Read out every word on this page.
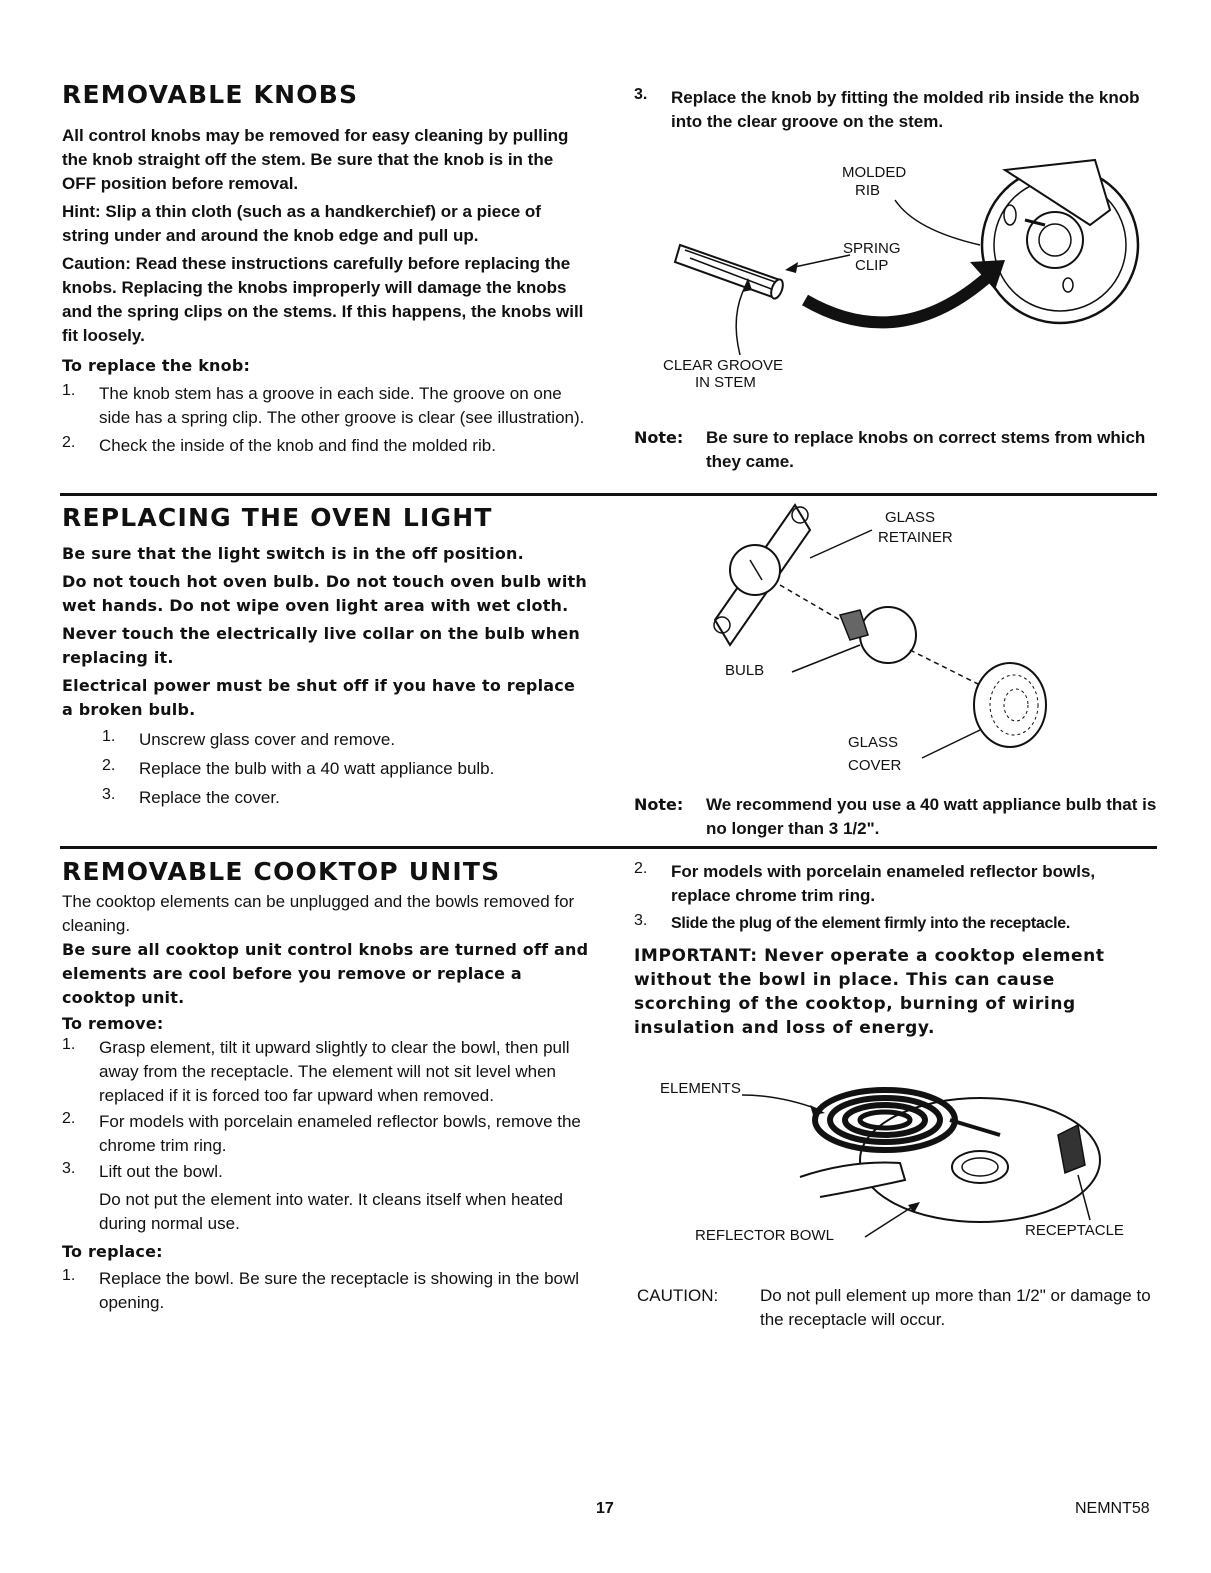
REMOVABLE KNOBS

All control knobs may be removed for easy cleaning by pulling the knob straight off the stem. Be sure that the knob is in the OFF position before removal.

Hint: Slip a thin cloth (such as a handkerchief) or a piece of string under and around the knob edge and pull up.

Caution: Read these instructions carefully before replacing the knobs. Replacing the knobs improperly will damage the knobs and the spring clips on the stems. If this happens, the knobs will fit loosely.

To replace the knob:

1. The knob stem has a groove in each side. The groove on one side has a spring clip. The other groove is clear (see illustration).

2. Check the inside of the knob and find the molded rib.

3. Replace the knob by fitting the molded rib inside the knob into the clear groove on the stem.

MOLDED
RIB
SPRING
CLIP
CLEAR GROOVE
IN STEM
Note: Be sure to replace knobs on correct stems from which they came.

REPLACING THE OVEN LIGHT

Be sure that the light switch is in the off position.

Do not touch hot oven bulb. Do not touch oven bulb with wet hands. Do not wipe oven light area with wet cloth.

Never touch the electrically live collar on the bulb when replacing it.

Electrical power must be shut off if you have to replace a broken bulb.

1. Unscrew glass cover and remove.

2. Replace the bulb with a 40 watt appliance bulb.

3. Replace the cover.

GLASS
RETAINER
BULB
GLASS
COVER
Note: We recommend you use a 40 watt appliance bulb that is no longer than 3 1/2".

REMOVABLE COOKTOP UNITS

The cooktop elements can be unplugged and the bowls removed for cleaning.

Be sure all cooktop unit control knobs are turned off and elements are cool before you remove or replace a cooktop unit.

To remove:

1. Grasp element, tilt it upward slightly to clear the bowl, then pull away from the receptacle. The element will not sit level when replaced if it is forced too far upward when removed.

2. For models with porcelain enameled reflector bowls, remove the chrome trim ring.

3. Lift out the bowl.

Do not put the element into water. It cleans itself when heated during normal use.

To replace:

1. Replace the bowl. Be sure the receptacle is showing in the bowl opening.

2. For models with porcelain enameled reflector bowls, replace chrome trim ring.

3. Slide the plug of the element firmly into the receptacle.

IMPORTANT: Never operate a cooktop element without the bowl in place. This can cause scorching of the cooktop, burning of wiring insulation and loss of energy.

ELEMENTS
REFLECTOR BOWL	RECEPTACLE
CAUTION: Do not pull element up more than 1/2" or damage to the receptacle will occur.

17	NEMNT58
